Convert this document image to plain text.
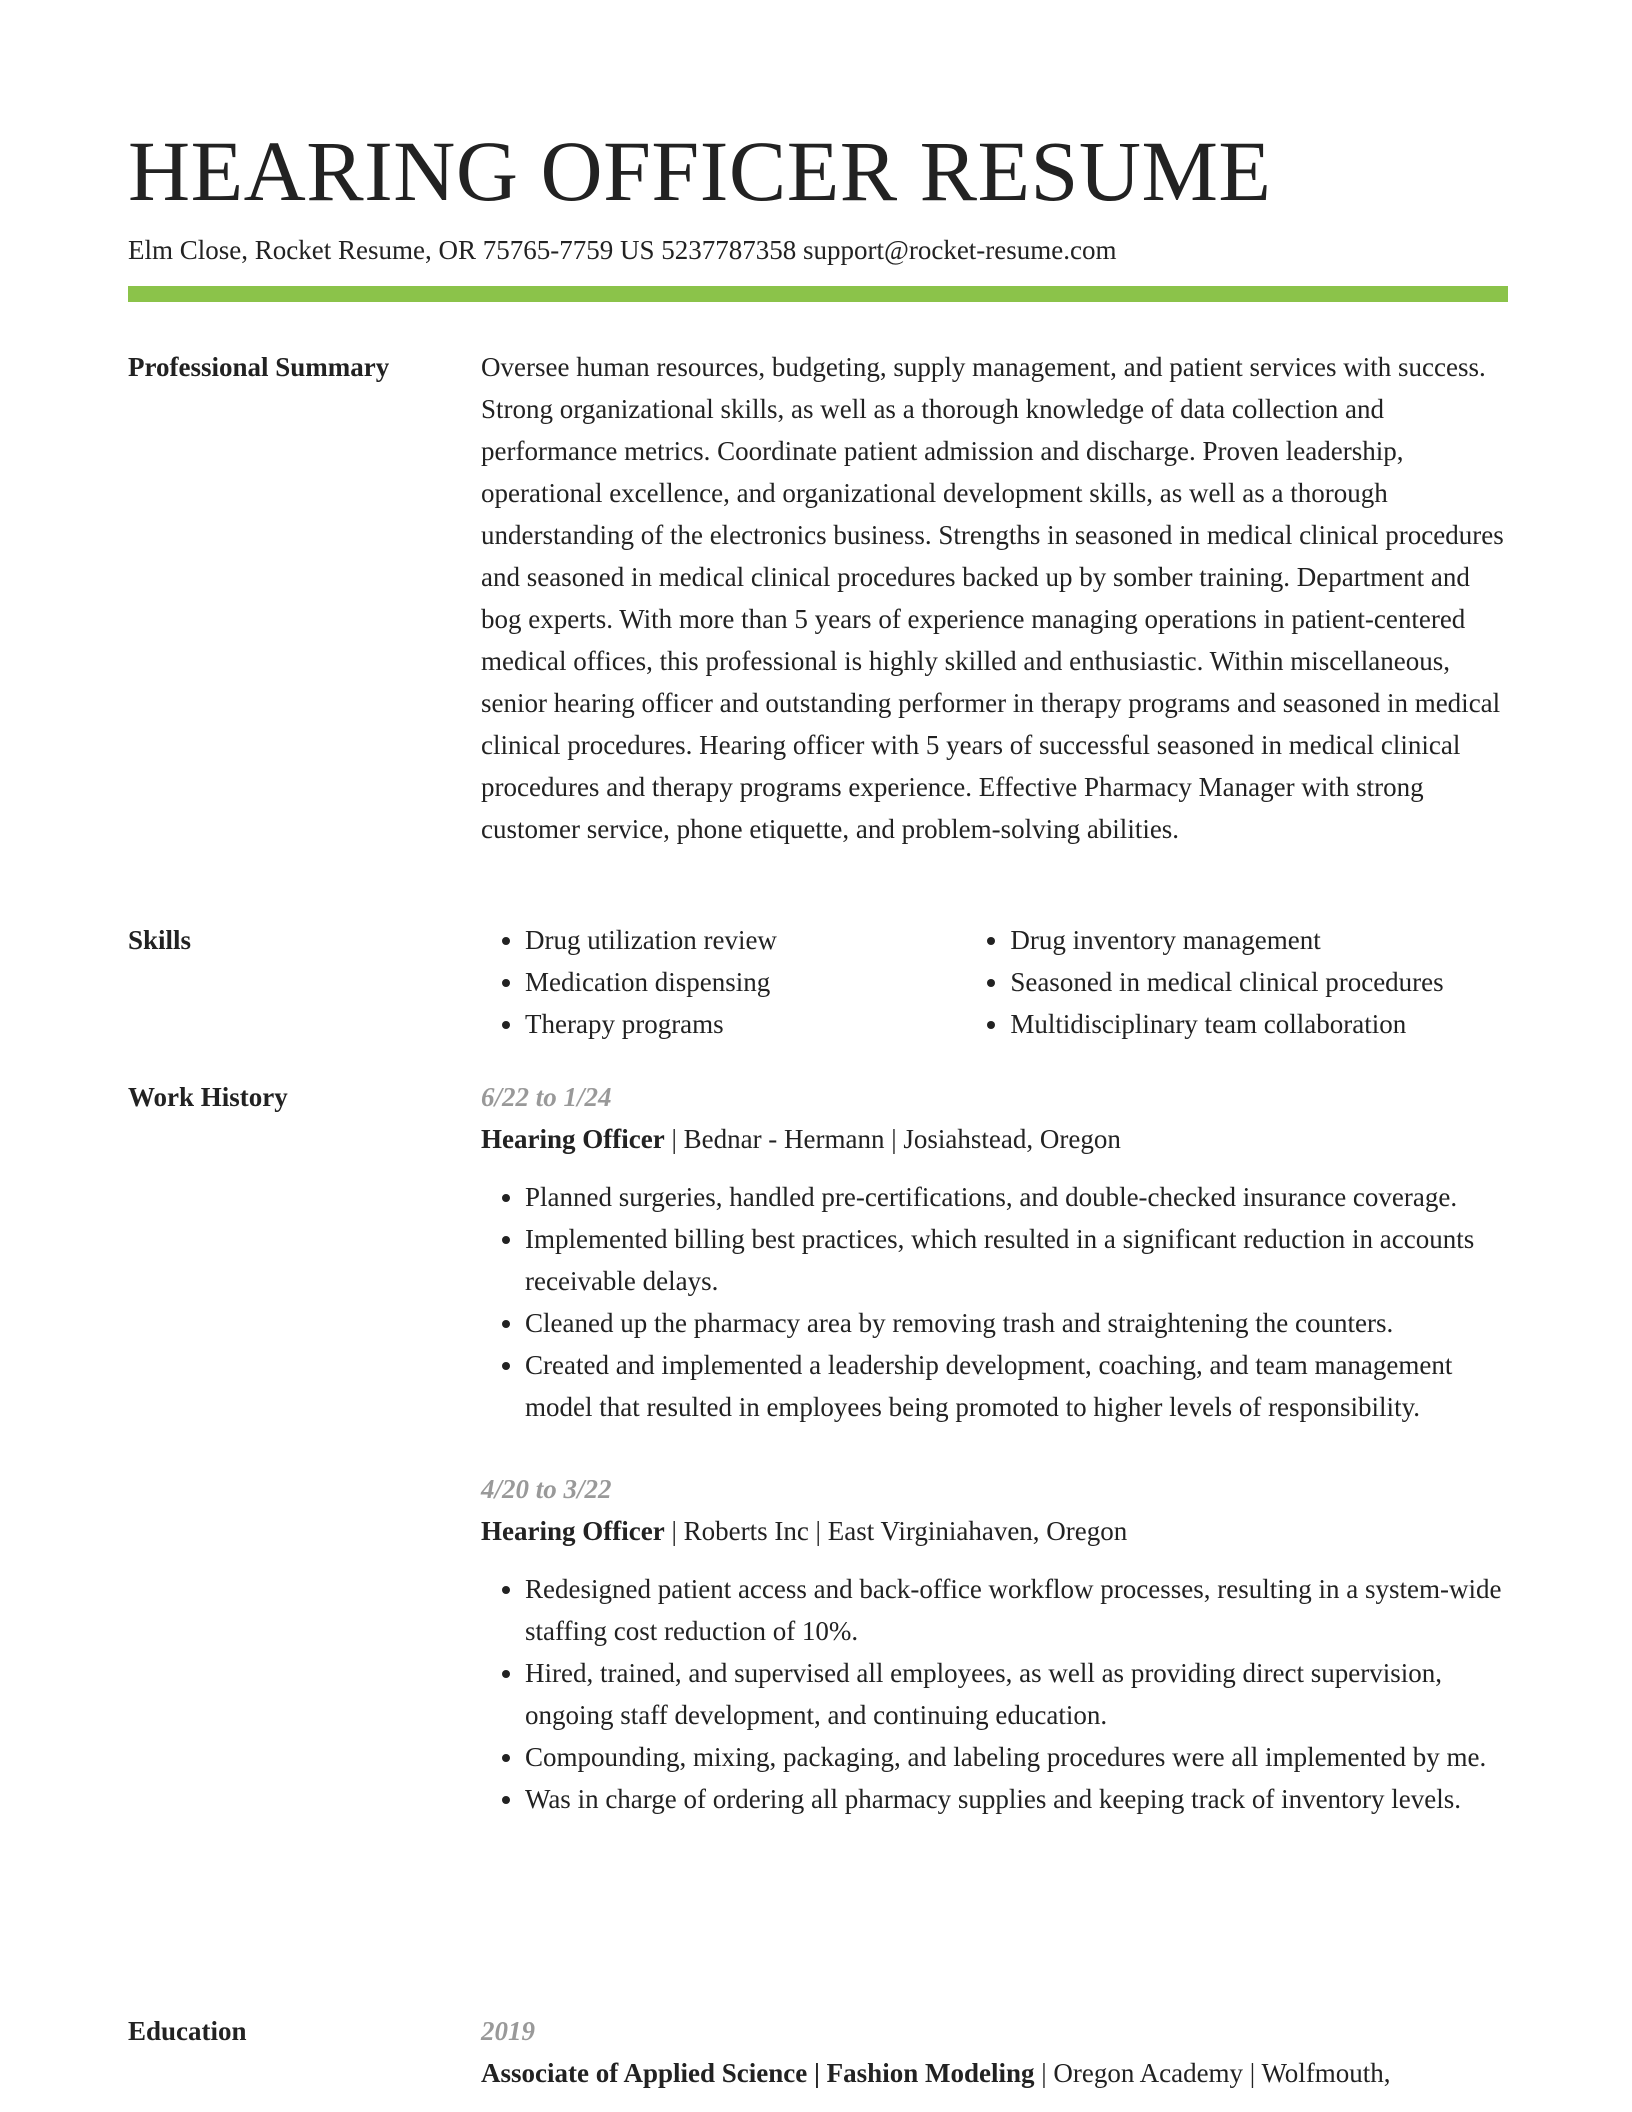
HEARING OFFICER RESUME
Elm Close, Rocket Resume, OR 75765-7759 US 5237787358 support@rocket-resume.com
Professional Summary	Oversee human resources, budgeting, supply management, and patient services with success. Strong organizational skills, as well as a thorough knowledge of data collection and performance metrics. Coordinate patient admission and discharge. Proven leadership, operational excellence, and organizational development skills, as well as a thorough understanding of the electronics business. Strengths in seasoned in medical clinical procedures and seasoned in medical clinical procedures backed up by somber training. Department and bog experts. With more than 5 years of experience managing operations in patient-centered medical offices, this professional is highly skilled and enthusiastic. Within miscellaneous, senior hearing officer and outstanding performer in therapy programs and seasoned in medical clinical procedures. Hearing officer with 5 years of successful seasoned in medical clinical procedures and therapy programs experience. Effective Pharmacy Manager with strong customer service, phone etiquette, and problem-solving abilities.

Skills
•	Drug utilization review
• Medication dispensing
• Therapy programs
• Drug inventory management
• Seasoned in medical clinical procedures
• Multidisciplinary team collaboration
Work History	6/22 to 1/24
Hearing Officer | Bednar - Hermann | Josiahstead, Oregon
• Planned surgeries, handled pre-certifications, and double-checked insurance coverage.
• Implemented billing best practices, which resulted in a significant reduction in accounts receivable delays.
• Cleaned up the pharmacy area by removing trash and straightening the counters.
• Created and implemented a leadership development, coaching, and team management model that resulted in employees being promoted to higher levels of responsibility.
4/20 to 3/22
Hearing Officer | Roberts Inc | East Virginiahaven, Oregon
• Redesigned patient access and back-office workflow processes, resulting in a system-wide staffing cost reduction of 10%.
• Hired, trained, and supervised all employees, as well as providing direct supervision, ongoing staff development, and continuing education.
• Compounding, mixing, packaging, and labeling procedures were all implemented by me.
• Was in charge of ordering all pharmacy supplies and keeping track of inventory levels.
Education	2019
Associate of Applied Science | Fashion Modeling | Oregon Academy | Wolfmouth,
